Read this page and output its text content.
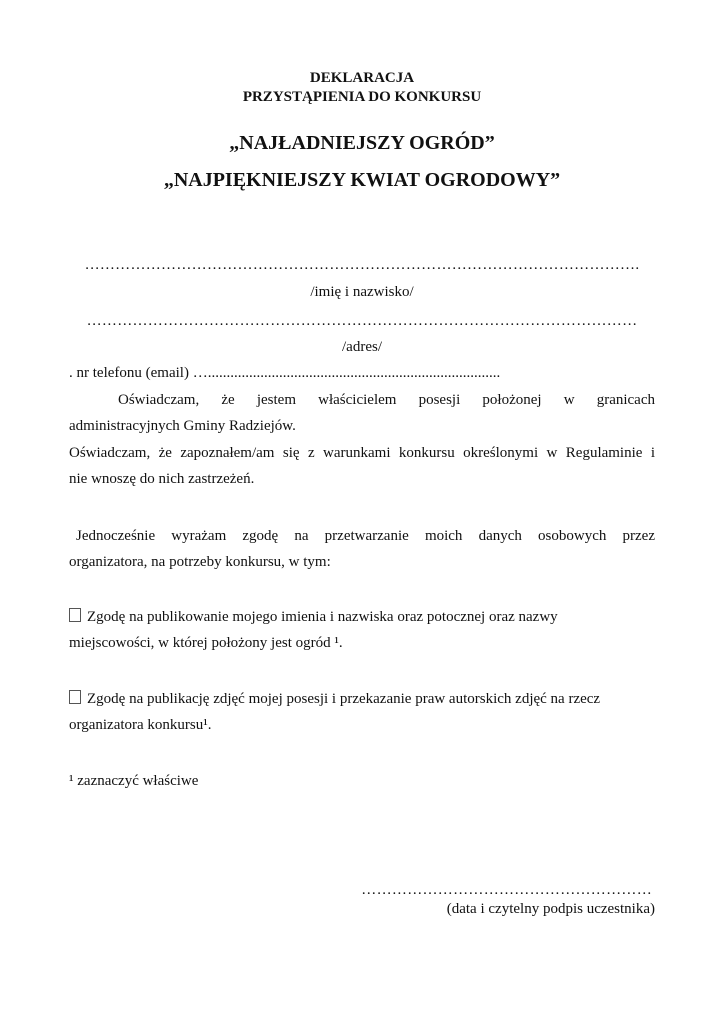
DEKLARACJA
PRZYSTĄPIENIA DO KONKURSU
„NAJŁADNIEJSZY OGRÓD”
„NAJPIĘKNIEJSZY KWIAT OGRODOWY”
……………………………………………………………………………………………….
/imię i nazwisko/
………………………………………………………………………………………………
/adres/
. nr telefonu (email) …..............................................................................
Oświadczam, że jestem właścicielem posesji położonej w granicach
administracyjnych Gminy Radziejów.
Oświadczam, że zapoznałem/am się z warunkami konkursu określonymi w Regulaminie i
nie wnoszę do nich zastrzeżeń.
Jednocześnie wyrażam zgodę na przetwarzanie moich danych osobowych przez
organizatora, na potrzeby konkursu, w tym:
Zgodę na publikowanie mojego imienia i nazwiska oraz potocznej oraz nazwy
miejscowości, w której położony jest ogród ¹.
Zgodę na publikację zdjęć mojej posesji i przekazanie praw autorskich zdjęć na rzecz
organizatora konkursu¹.
¹ zaznaczyć właściwe
…………………………………………………
(data i czytelny podpis uczestnika)
